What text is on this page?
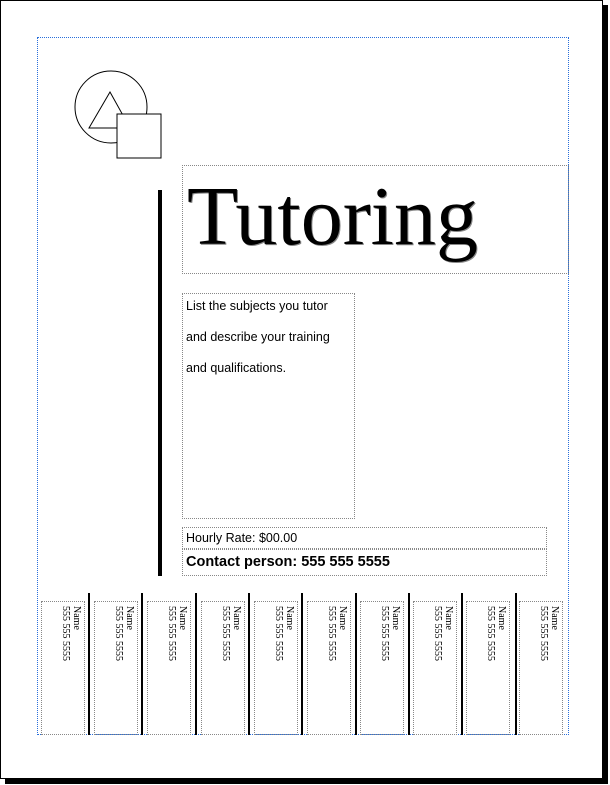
Tutoring
List the subjects you tutor
and describe your training
and qualifications.
Hourly Rate: $00.00
Contact person: 555 555 5555
Name
555 555 5555	Name
555 555 5555	Name
555 555 5555	Name
555 555 5555	Name
555 555 5555	Name
555 555 5555	Name
555 555 5555	Name
555 555 5555	Name
555 555 5555	Name
555 555 5555
